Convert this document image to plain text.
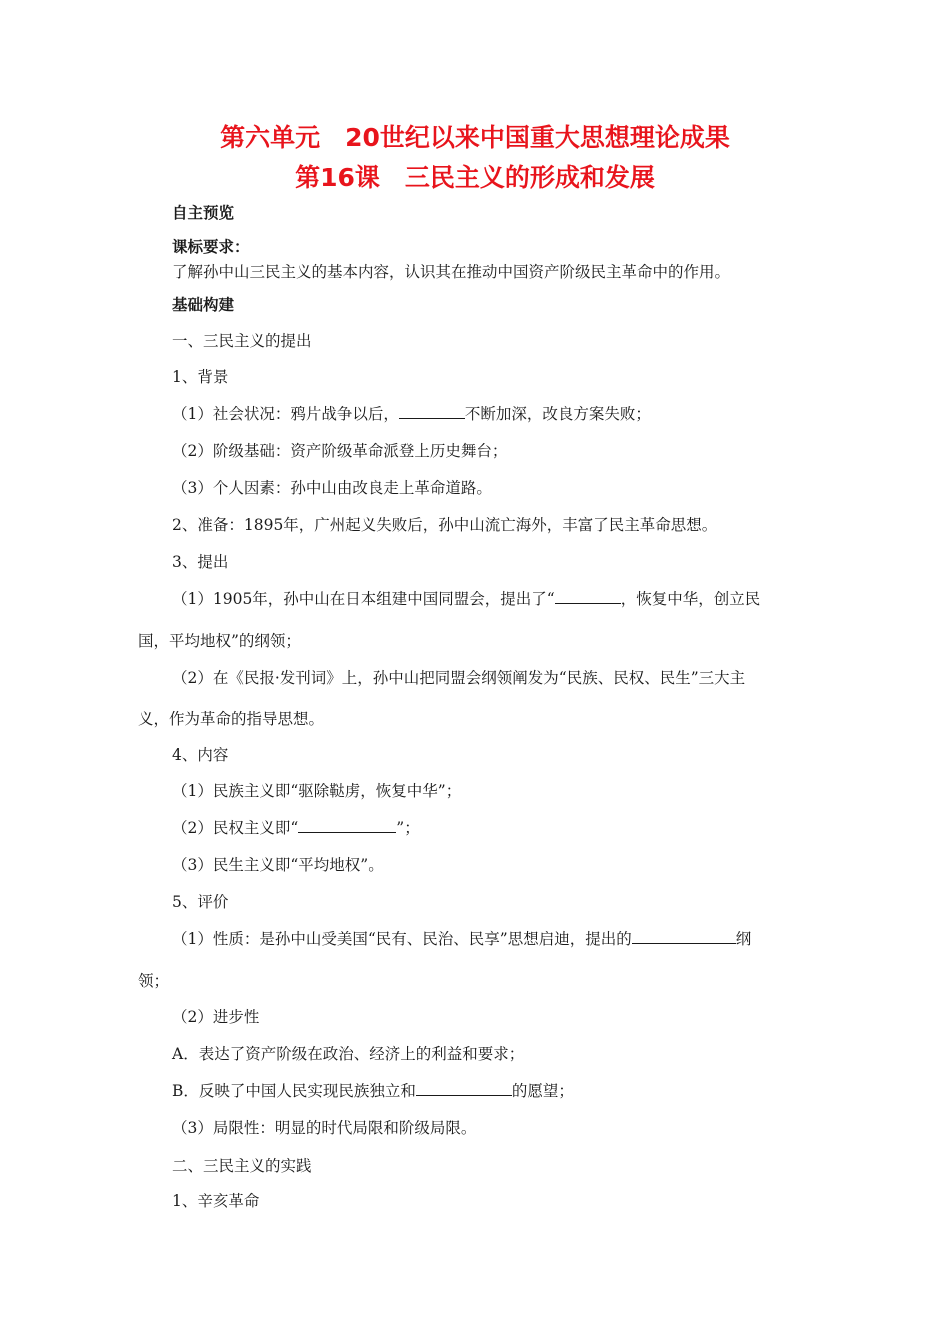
第六单元　20世纪以来中国重大思想理论成果
第16课　三民主义的形成和发展
自主预览
课标要求：
了解孙中山三民主义的基本内容，认识其在推动中国资产阶级民主革命中的作用。
基础构建
一、三民主义的提出
1、背景
（1）社会状况：鸦片战争以后，	不断加深，改良方案失败；
（2）阶级基础：资产阶级革命派登上历史舞台；
（3）个人因素：孙中山由改良走上革命道路。
2、准备：1895年，广州起义失败后，孙中山流亡海外，丰富了民主革命思想。
3、提出
（1）1905年，孙中山在日本组建中国同盟会，提出了“	，恢复中华，创立民
国，平均地权”的纲领；
（2）在《民报·发刊词》上，孙中山把同盟会纲领阐发为“民族、民权、民生”三大主
义，作为革命的指导思想。
4、内容
（1）民族主义即“驱除鞑虏，恢复中华”；
（2）民权主义即“	”；
（3）民生主义即“平均地权”。
5、评价
（1）性质：是孙中山受美国“民有、民治、民享”思想启迪，提出的	纲
领；
（2）进步性
A．表达了资产阶级在政治、经济上的利益和要求；
B．反映了中国人民实现民族独立和	的愿望；
（3）局限性：明显的时代局限和阶级局限。
二、三民主义的实践
1、辛亥革命
